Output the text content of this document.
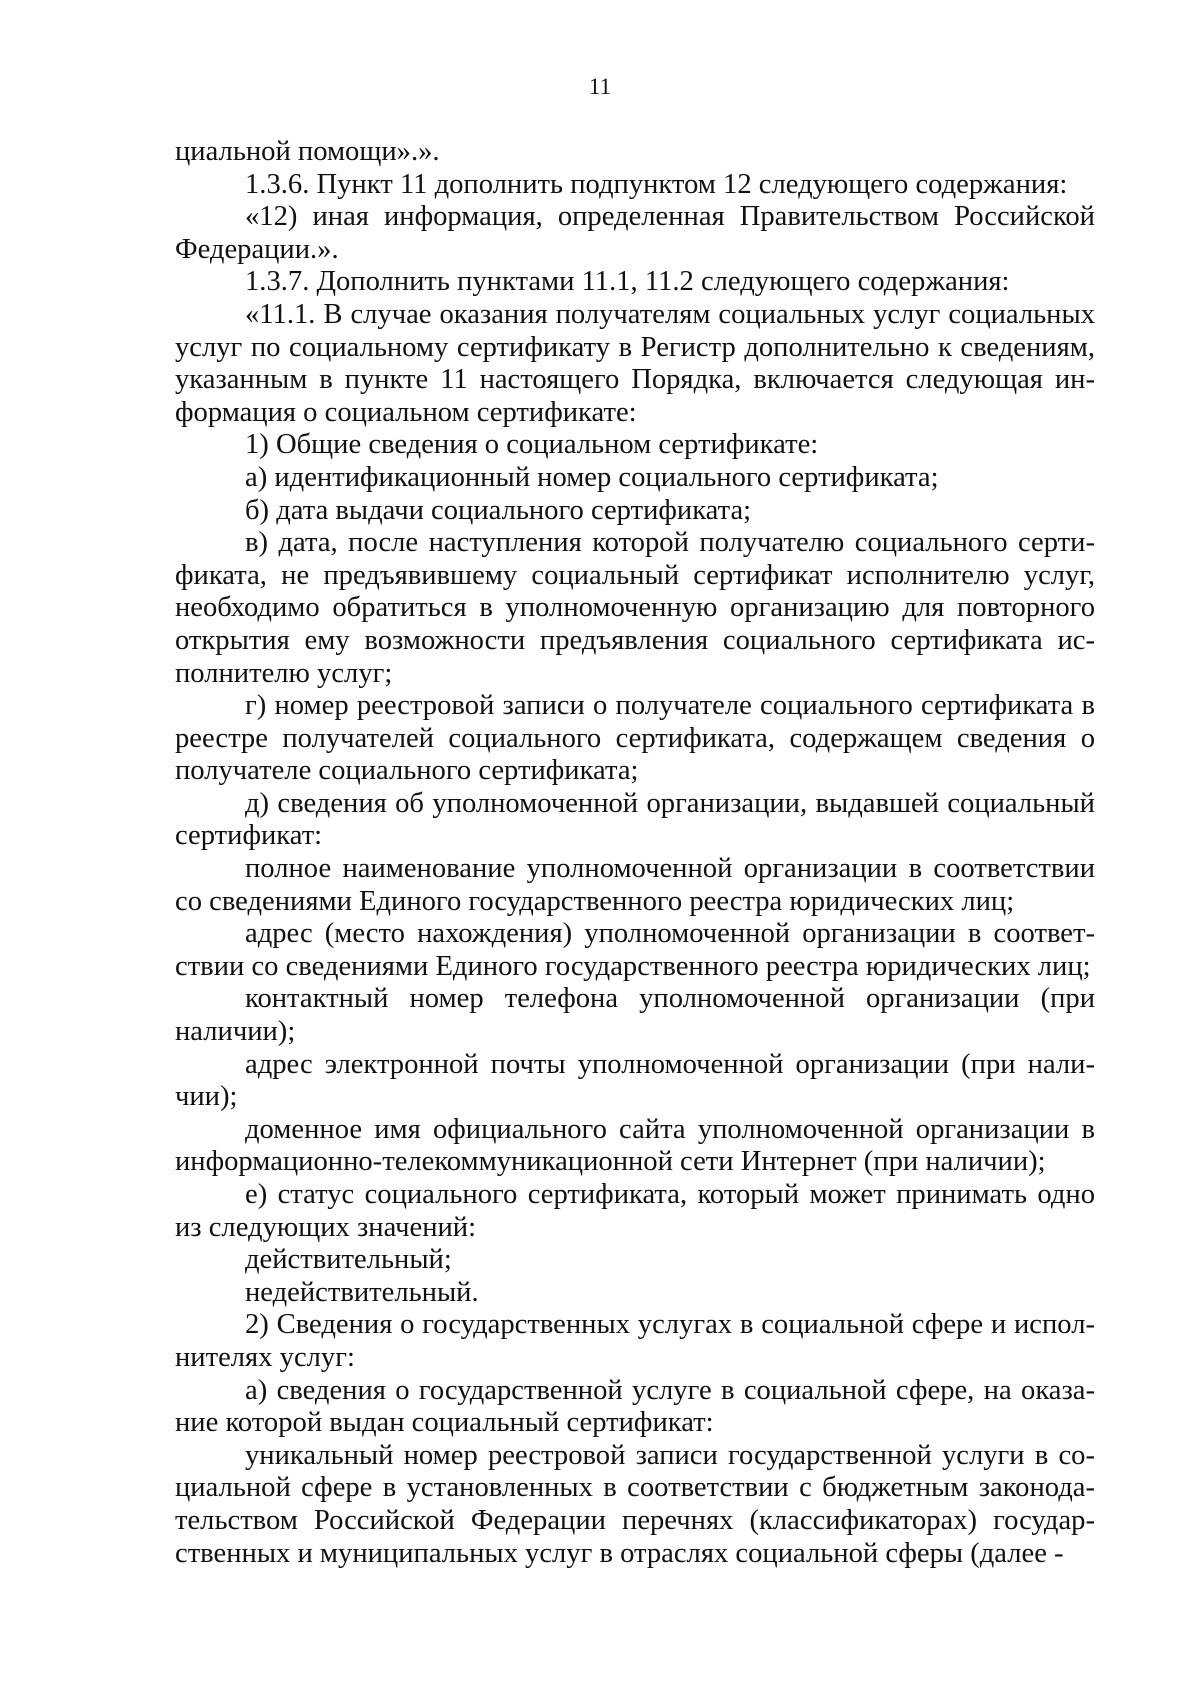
11

циальной помощи».».

1.3.6. Пункт 11 дополнить подпунктом 12 следующего содержания:

«12) иная информация, определенная Правительством Российской Федерации.».

1.3.7. Дополнить пунктами 11.1, 11.2 следующего содержания:

«11.1. В случае оказания получателям социальных услуг социальных услуг по социальному сертификату в Регистр дополнительно к сведениям, указанным в пункте 11 настоящего Порядка, включается следующая информация о социальном сертификате:

1) Общие сведения о социальном сертификате:

а) идентификационный номер социального сертификата;

б) дата выдачи социального сертификата;

в) дата, после наступления которой получателю социального сертификата, не предъявившему социальный сертификат исполнителю услуг, необходимо обратиться в уполномоченную организацию для повторного открытия ему возможности предъявления социального сертификата исполнителю услуг;

г) номер реестровой записи о получателе социального сертификата в реестре получателей социального сертификата, содержащем сведения о получателе социального сертификата;

д) сведения об уполномоченной организации, выдавшей социальный сертификат:

полное наименование уполномоченной организации в соответствии со сведениями Единого государственного реестра юридических лиц;

адрес (место нахождения) уполномоченной организации в соответствии со сведениями Единого государственного реестра юридических лиц;

контактный номер телефона уполномоченной организации (при наличии);

адрес электронной почты уполномоченной организации (при наличии);

доменное имя официального сайта уполномоченной организации в информационно-телекоммуникационной сети Интернет (при наличии);

е) статус социального сертификата, который может принимать одно из следующих значений:

действительный;

недействительный.

2) Сведения о государственных услугах в социальной сфере и исполнителях услуг:

а) сведения о государственной услуге в социальной сфере, на оказание которой выдан социальный сертификат:

уникальный номер реестровой записи государственной услуги в социальной сфере в установленных в соответствии с бюджетным законодательством Российской Федерации перечнях (классификаторах) государственных и муниципальных услуг в отраслях социальной сферы (далее -
